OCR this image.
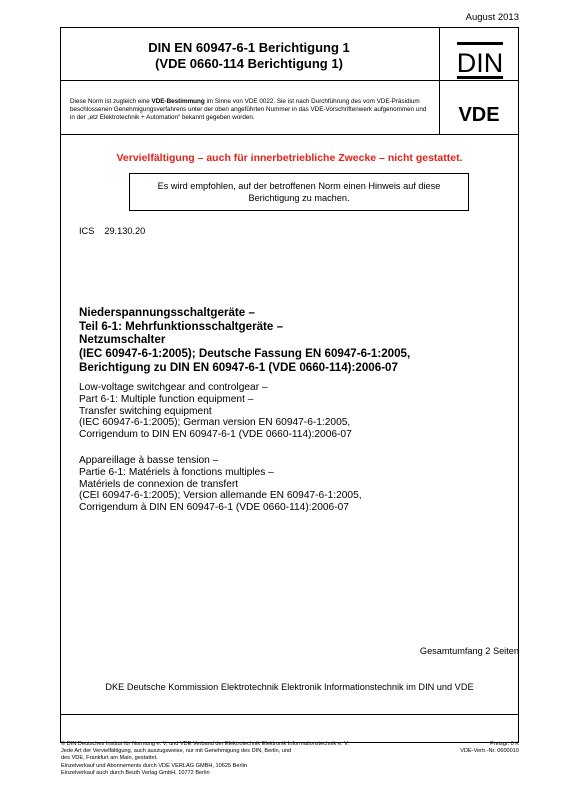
August 2013
DIN EN 60947-6-1 Berichtigung 1
(VDE 0660-114 Berichtigung 1)	DIN
Diese Norm ist zugleich eine VDE-Bestimmung im Sinne von VDE 0022. Sie ist nach Durchführung des vom VDE-Präsidium beschlossenen Genehmigungsverfahrens unter der oben angeführten Nummer in das VDE-Vorschriftenwerk aufgenommen und in der „etz Elektrotechnik + Automation“ bekannt gegeben worden.	VDE
Vervielfältigung – auch für innerbetriebliche Zwecke – nicht gestattet.
Es wird empfohlen, auf der betroffenen Norm einen Hinweis auf diese
Berichtigung zu machen.
ICS 29.130.20
Niederspannungsschaltgeräte –
Teil 6-1: Mehrfunktionsschaltgeräte –
Netzumschalter
(IEC 60947-6-1:2005); Deutsche Fassung EN 60947-6-1:2005,
Berichtigung zu DIN EN 60947-6-1 (VDE 0660-114):2006-07
Low-voltage switchgear and controlgear –
Part 6-1: Multiple function equipment –
Transfer switching equipment
(IEC 60947-6-1:2005); German version EN 60947-6-1:2005,
Corrigendum to DIN EN 60947-6-1 (VDE 0660-114):2006-07
Appareillage à basse tension –
Partie 6-1: Matériels à fonctions multiples –
Matériels de connexion de transfert
(CEI 60947-6-1:2005); Version allemande EN 60947-6-1:2005,
Corrigendum à DIN EN 60947-6-1 (VDE 0660-114):2006-07
Gesamtumfang 2 Seiten
DKE Deutsche Kommission Elektrotechnik Elektronik Informationstechnik im DIN und VDE
© DIN Deutsches Institut für Normung e. V. und VDE Verband der Elektrotechnik Elektronik Informationstechnik e. V.
Jede Art der Vervielfältigung, auch auszugsweise, nur mit Genehmigung des DIN, Berlin, und
des VDE, Frankfurt am Main, gestattet.
Einzelverkauf und Abonnements durch VDE VERLAG GMBH, 10625 Berlin
Einzelverkauf auch durch Beuth Verlag GmbH, 10772 Berlin
Preisgr. 0 K
VDE-Vertr.-Nr. 0600010
